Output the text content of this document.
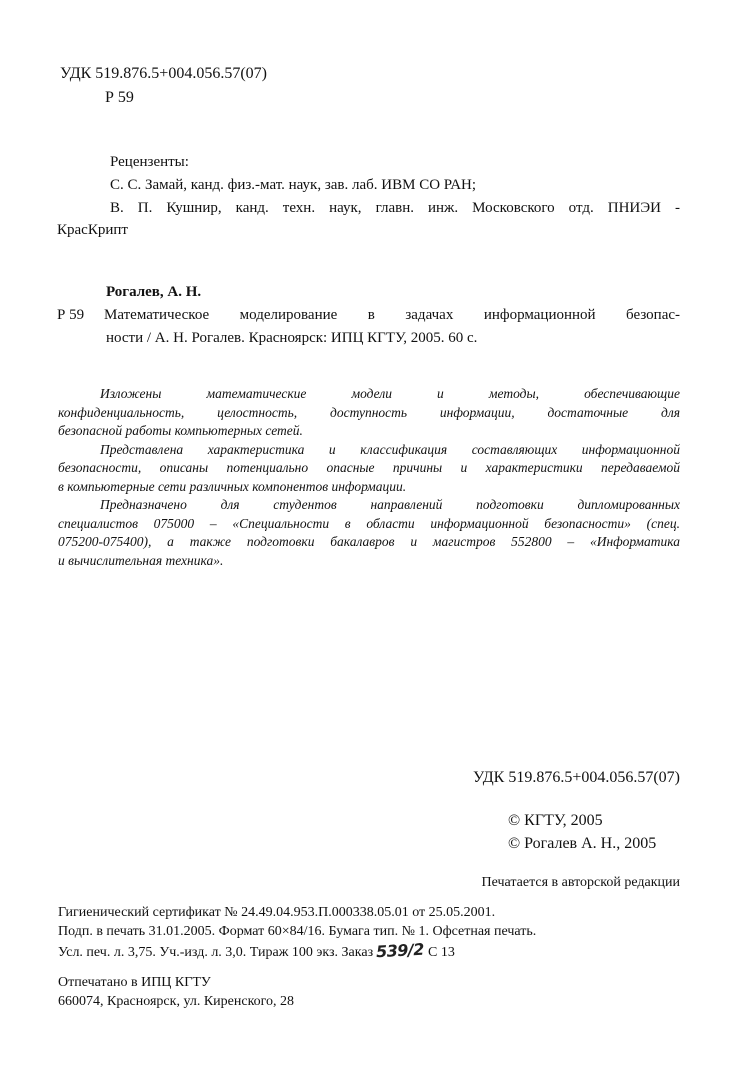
УДК 519.876.5+004.056.57(07)
Р 59
Рецензенты:
С. С. Замай, канд. физ.-мат. наук, зав. лаб. ИВМ СО РАН;
В. П. Кушнир, канд. техн. наук, главн. инж. Московского отд. ПНИЭИ -
КрасКрипт
Рогалев, А. Н.
Р 59 Математическое моделирование в задачах информационной безопас-
ности / А. Н. Рогалев. Красноярск: ИПЦ КГТУ, 2005. 60 с.
Изложены математические модели и методы, обеспечивающие
конфиденциальность, целостность, доступность информации, достаточные для
безопасной работы компьютерных сетей.
Представлена характеристика и классификация составляющих информационной
безопасности, описаны потенциально опасные причины и характеристики передаваемой
в компьютерные сети различных компонентов информации.
Предназначено для студентов направлений подготовки дипломированных
специалистов 075000 – «Специальности в области информационной безопасности» (спец.
075200-075400), а также подготовки бакалавров и магистров 552800 – «Информатика
и вычислительная техника».
УДК 519.876.5+004.056.57(07)
© КГТУ, 2005
© Рогалев А. Н., 2005
Печатается в авторской редакции
Гигиенический сертификат № 24.49.04.953.П.000338.05.01 от 25.05.2001.
Подп. в печать 31.01.2005. Формат 60×84/16. Бумага тип. № 1. Офсетная печать.
Усл. печ. л. 3,75. Уч.-изд. л. 3,0. Тираж 100 экз. Заказ 539/2 С 13
Отпечатано в ИПЦ КГТУ
660074, Красноярск, ул. Киренского, 28
